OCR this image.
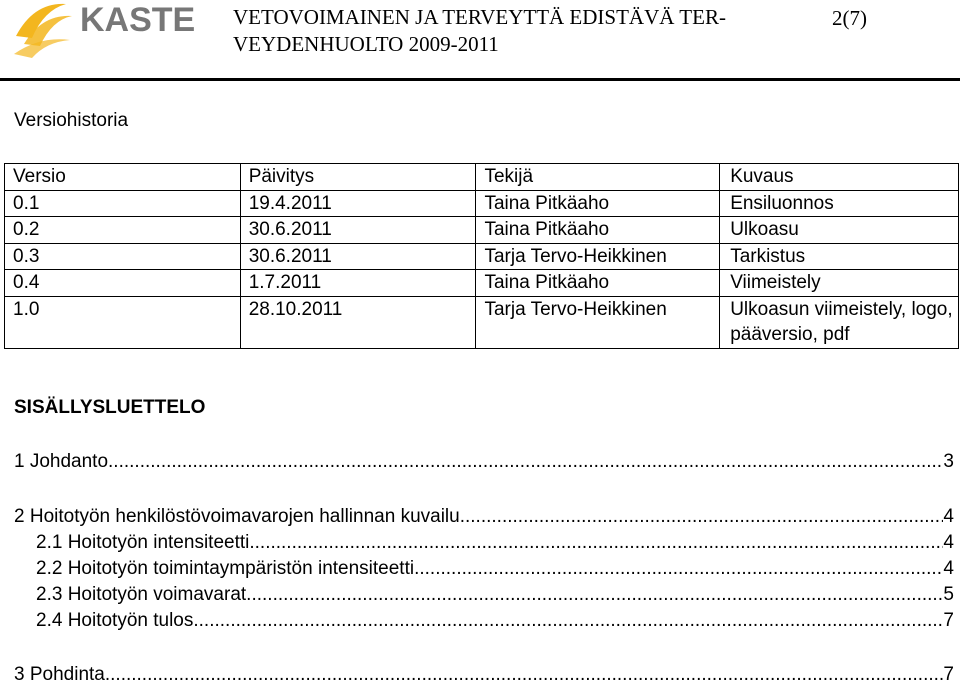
KASTE VETOVOIMAINEN JA TERVEYTTÄ EDISTÄVÄ TER-
VEYDENHUOLTO 2009-2011
2(7)
Versiohistoria
Versio	Päivitys	Tekijä	Kuvaus
0.1	19.4.2011	Taina Pitkäaho	Ensiluonnos
0.2	30.6.2011	Taina Pitkäaho	Ulkoasu
0.3	30.6.2011	Tarja Tervo-Heikkinen	Tarkistus
0.4	1.7.2011	Taina Pitkäaho	Viimeistely
1.0	28.10.2011	Tarja Tervo-Heikkinen	Ulkoasun viimeistely, logo, pääversio, pdf
SISÄLLYSLUETTELO
1 Johdanto .....	3
2 Hoitotyön henkilöstövoimavarojen hallinnan kuvailu .....	4
2.1 Hoitotyön intensiteetti .....	4
2.2 Hoitotyön toimintaympäristön intensiteetti .....	4
2.3 Hoitotyön voimavarat .....	5
2.4 Hoitotyön tulos .....	7
3 Pohdinta .....	7
